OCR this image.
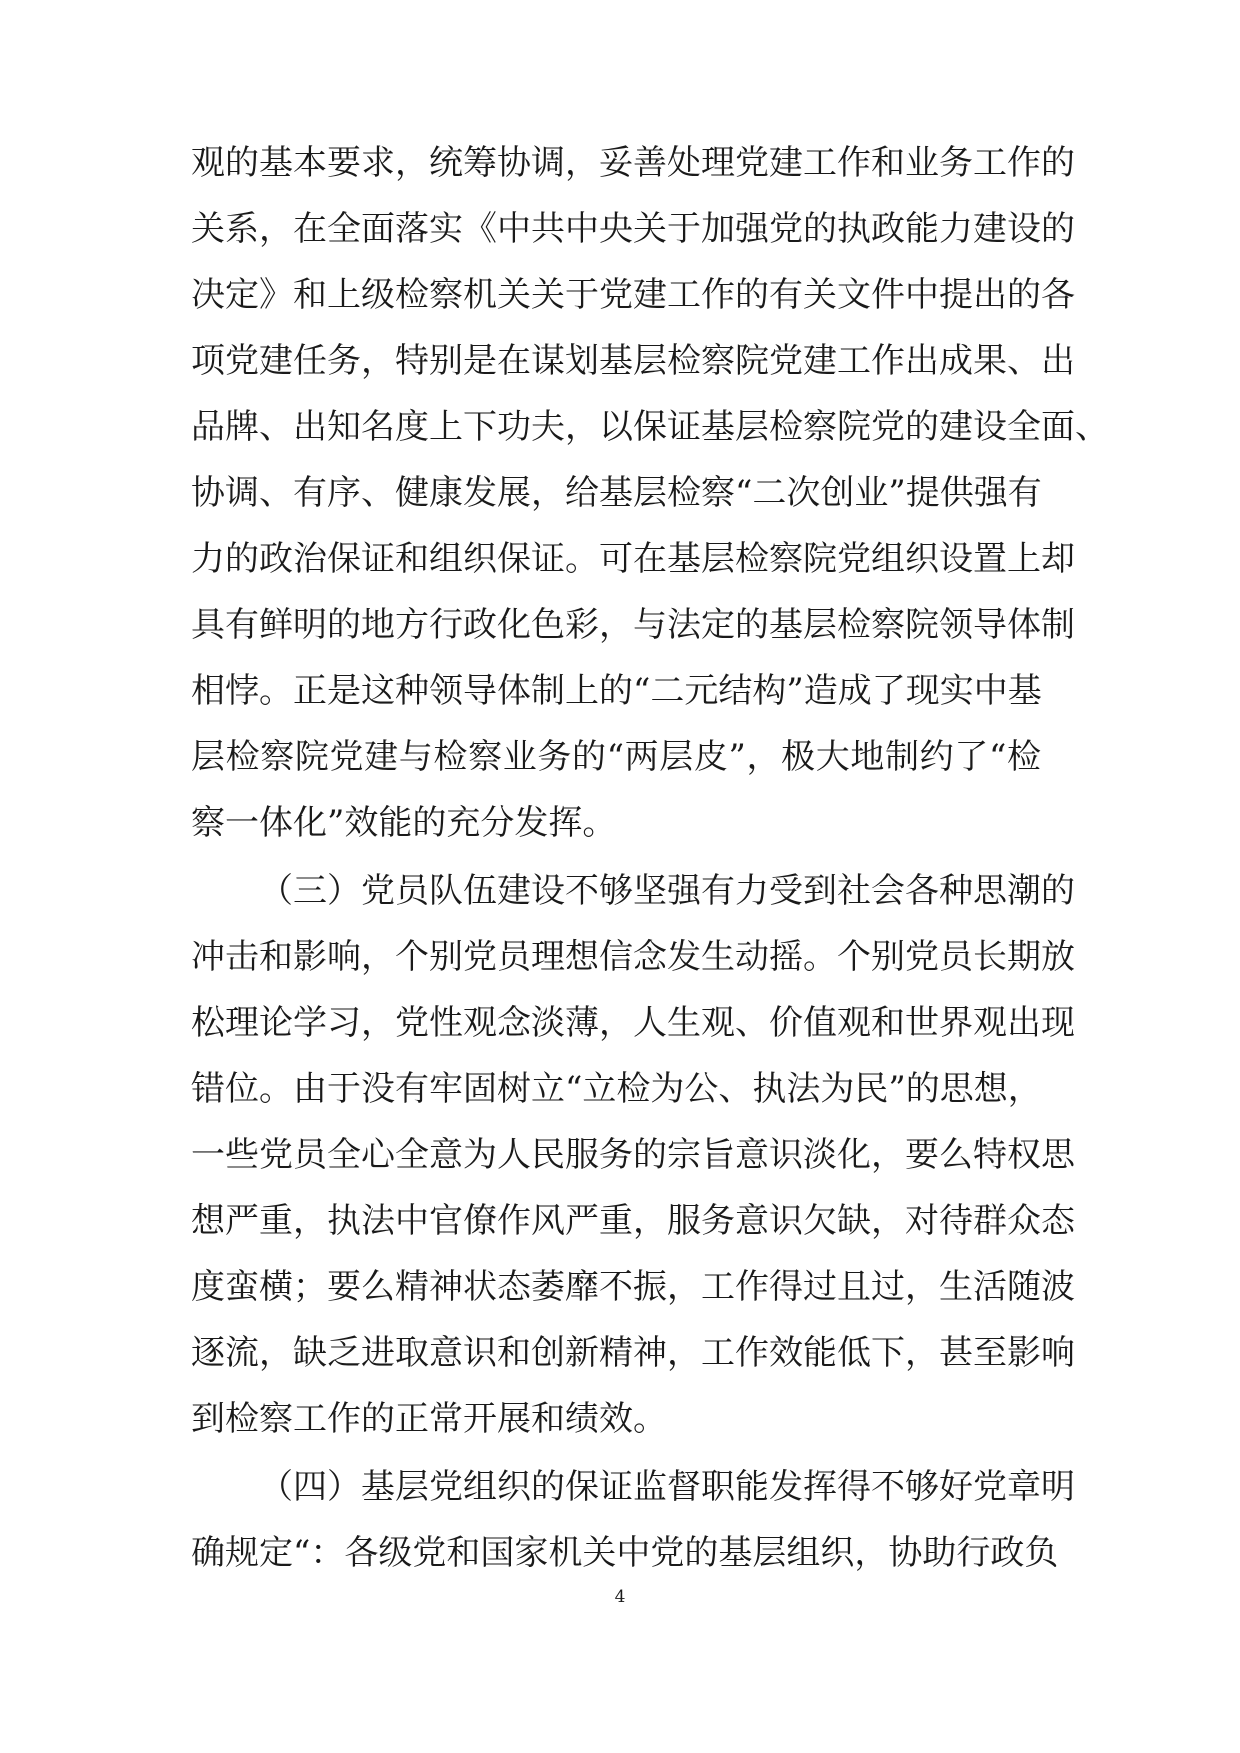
观的基本要求，统筹协调，妥善处理党建工作和业务工作的
关系，在全面落实《中共中央关于加强党的执政能力建设的
决定》和上级检察机关关于党建工作的有关文件中提出的各
项党建任务，特别是在谋划基层检察院党建工作出成果、出
品牌、出知名度上下功夫，以保证基层检察院党的建设全面、
协调、有序、健康发展，给基层检察“二次创业”提供强有
力的政治保证和组织保证。可在基层检察院党组织设置上却
具有鲜明的地方行政化色彩，与法定的基层检察院领导体制
相悖。正是这种领导体制上的“二元结构”造成了现实中基
层检察院党建与检察业务的“两层皮”，极大地制约了“检
察一体化”效能的充分发挥。
（三）党员队伍建设不够坚强有力受到社会各种思潮的
冲击和影响，个别党员理想信念发生动摇。个别党员长期放
松理论学习，党性观念淡薄，人生观、价值观和世界观出现
错位。由于没有牢固树立“立检为公、执法为民”的思想，
一些党员全心全意为人民服务的宗旨意识淡化，要么特权思
想严重，执法中官僚作风严重，服务意识欠缺，对待群众态
度蛮横；要么精神状态萎靡不振，工作得过且过，生活随波
逐流，缺乏进取意识和创新精神，工作效能低下，甚至影响
到检察工作的正常开展和绩效。
（四）基层党组织的保证监督职能发挥得不够好党章明
确规定“：各级党和国家机关中党的基层组织，协助行政负
4
